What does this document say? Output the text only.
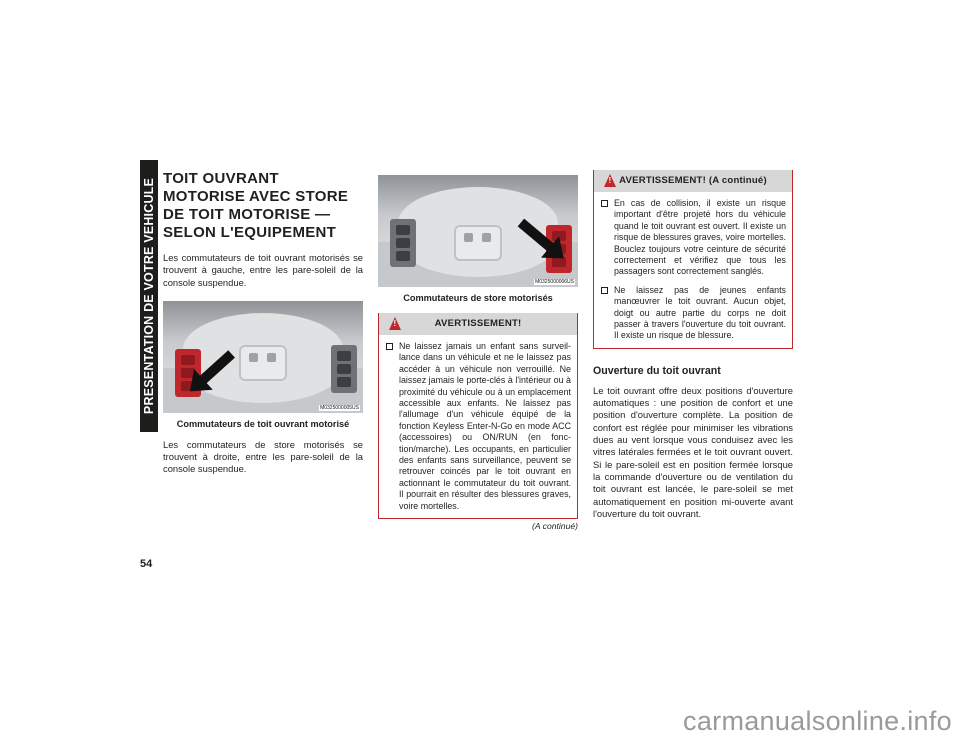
PRESENTATION DE VOTRE VEHICULE
54
TOIT OUVRANT MOTORISE AVEC STORE DE TOIT MOTORISE — SELON L'EQUIPEMENT

Les commutateurs de toit ouvrant motorisés se trouvent à gauche, entre les pare-soleil de la console suspendue.

M0325000005US
Commutateurs de toit ouvrant motorisé

Les commutateurs de store motorisés se trouvent à droite, entre les pare-soleil de la console suspendue.

M0325000006US
Commutateurs de store motorisés
!
AVERTISSEMENT!
Ne laissez jamais un enfant sans surveillance dans un véhicule et ne le laissez pas accéder à un véhicule non verrouillé. Ne laissez jamais le porte-clés à l'intérieur ou à proximité du véhicule ou à un emplacement accessible aux enfants. Ne laissez pas l'allumage d'un véhicule équipé de la fonction Keyless Enter-N-Go en mode ACC (accessoires) ou ON/RUN (en fonction/marche). Les occupants, en particulier des enfants sans surveillance, peuvent se retrouver coincés par le toit ouvrant en actionnant le commutateur du toit ouvrant. Il pourrait en résulter des blessures graves, voire mortelles.
(A continué)
!
AVERTISSEMENT! (A continué)
En cas de collision, il existe un risque important d'être projeté hors du véhicule quand le toit ouvrant est ouvert. Il existe un risque de blessures graves, voire mortelles. Bouclez toujours votre ceinture de sécurité correctement et vérifiez que tous les passagers sont correctement sanglés.
Ne laissez pas de jeunes enfants manœuvrer le toit ouvrant. Aucun objet, doigt ou autre partie du corps ne doit passer à travers l'ouverture du toit ouvrant. Il existe un risque de blessure.
Ouverture du toit ouvrant

Le toit ouvrant offre deux positions d'ouverture automatiques : une position de confort et une position d'ouverture complète. La position de confort est réglée pour minimiser les vibrations dues au vent lorsque vous conduisez avec les vitres latérales fermées et le toit ouvrant ouvert. Si le pare-soleil est en position fermée lorsque la commande d'ouverture ou de ventilation du toit ouvrant est lancée, le pare-soleil se met automatiquement en position mi-ouverte avant l'ouverture du toit ouvrant.

carmanualsonline.info
